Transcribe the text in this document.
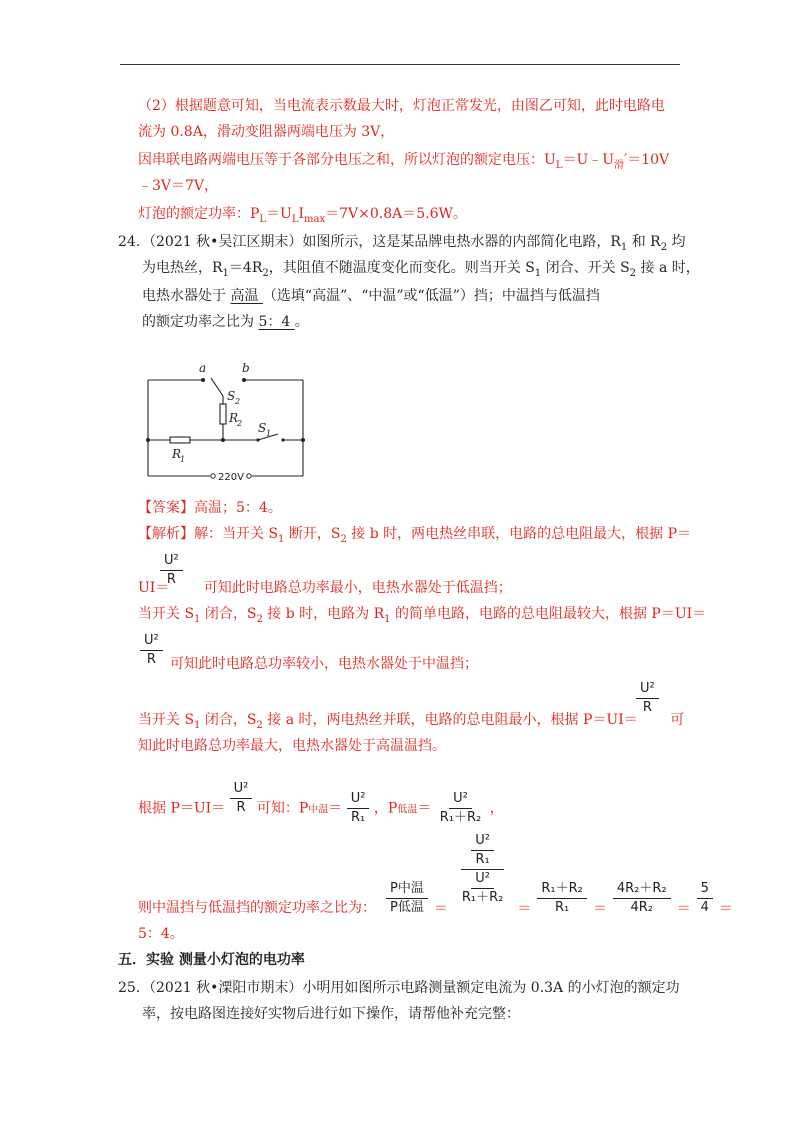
（2）根据题意可知，当电流表示数最大时，灯泡正常发光，由图乙可知，此时电路电
流为 0.8A，滑动变阻器两端电压为 3V，
因串联电路两端电压等于各部分电压之和，所以灯泡的额定电压：$U_L=U﹣U_滑'=10V$
﹣3V＝7V，
灯泡的额定功率：$P_L=U_LI_{max}=7V\times 0.8A=5.6W$。
24. （2021 秋•吴江区期末）如图所示，这是某品牌电热水器的内部简化电路，$R_1$ 和 $R_2$ 均
为电热丝，$R_1=4R_2$，其阻值不随温度变化而变化。则当开关 $S_1$ 闭合、开关 $S_2$ 接 a 时，
电热水器处于 高温 （选填“高温”、“中温”或“低温”）挡；中温挡与低温挡
的额定功率之比为 5：4 。
a	b
S 2
R
2 S 1
R
1
220V
【答案】高温；5：4。
【解析】解：当开关 $S_1$ 断开，$S_2$ 接 b 时，两电热丝串联，电路的总电阻最大，根据 P＝
$\frac{\text{U²}}{R}$
UI＝ 可知此时电路总功率最小，电热水器处于低温挡；
当开关 $S_1$ 闭合，$S_2$ 接 b 时，电路为 $R_1$ 的简单电路，电路的总电阻最较大，根据 P＝UI＝
$\frac{\text{U²}}{R}$ 可知此时电路总功率较小，电热水器处于中温挡；
$\frac{\text{U²}}{R}$
当开关 $S_1$ 闭合，$S_2$ 接 a 时，两电热丝并联，电路的总电阻最小，根据 P＝UI＝ 可
知此时电路总功率最大，电热水器处于高温温挡。
根据 $P=UI= \frac{\text{U²}}{R}$ 可知：P中温＝ $\frac{\text{U²}}{\text{R₁}}$ ，P低温＝ $\frac{\text{U²}}{\text{R₁＋R₂}}$ ，
$\frac{\text{P中温}}{\text{P低温}}$ ＝
$\frac{\frac{\text{U²}}{\text{R₁}}}{\frac{\text{U²}}{\text{R₁＋R₂}}}$
＝ $\frac{\text{R₁＋R₂}}{\text{R₁}} = \frac{\text{4R₂＋R₂}}{\text{4R₂}} = \frac{5}{4}$ ＝
则中温挡与低温挡的额定功率之比为：
5：4。
五．实验 测量小灯泡的电功率
25. （2021 秋•溧阳市期末）小明用如图所示电路测量额定电流为 0.3A 的小灯泡的额定功
率，按电路图连接好实物后进行如下操作，请帮他补充完整：
